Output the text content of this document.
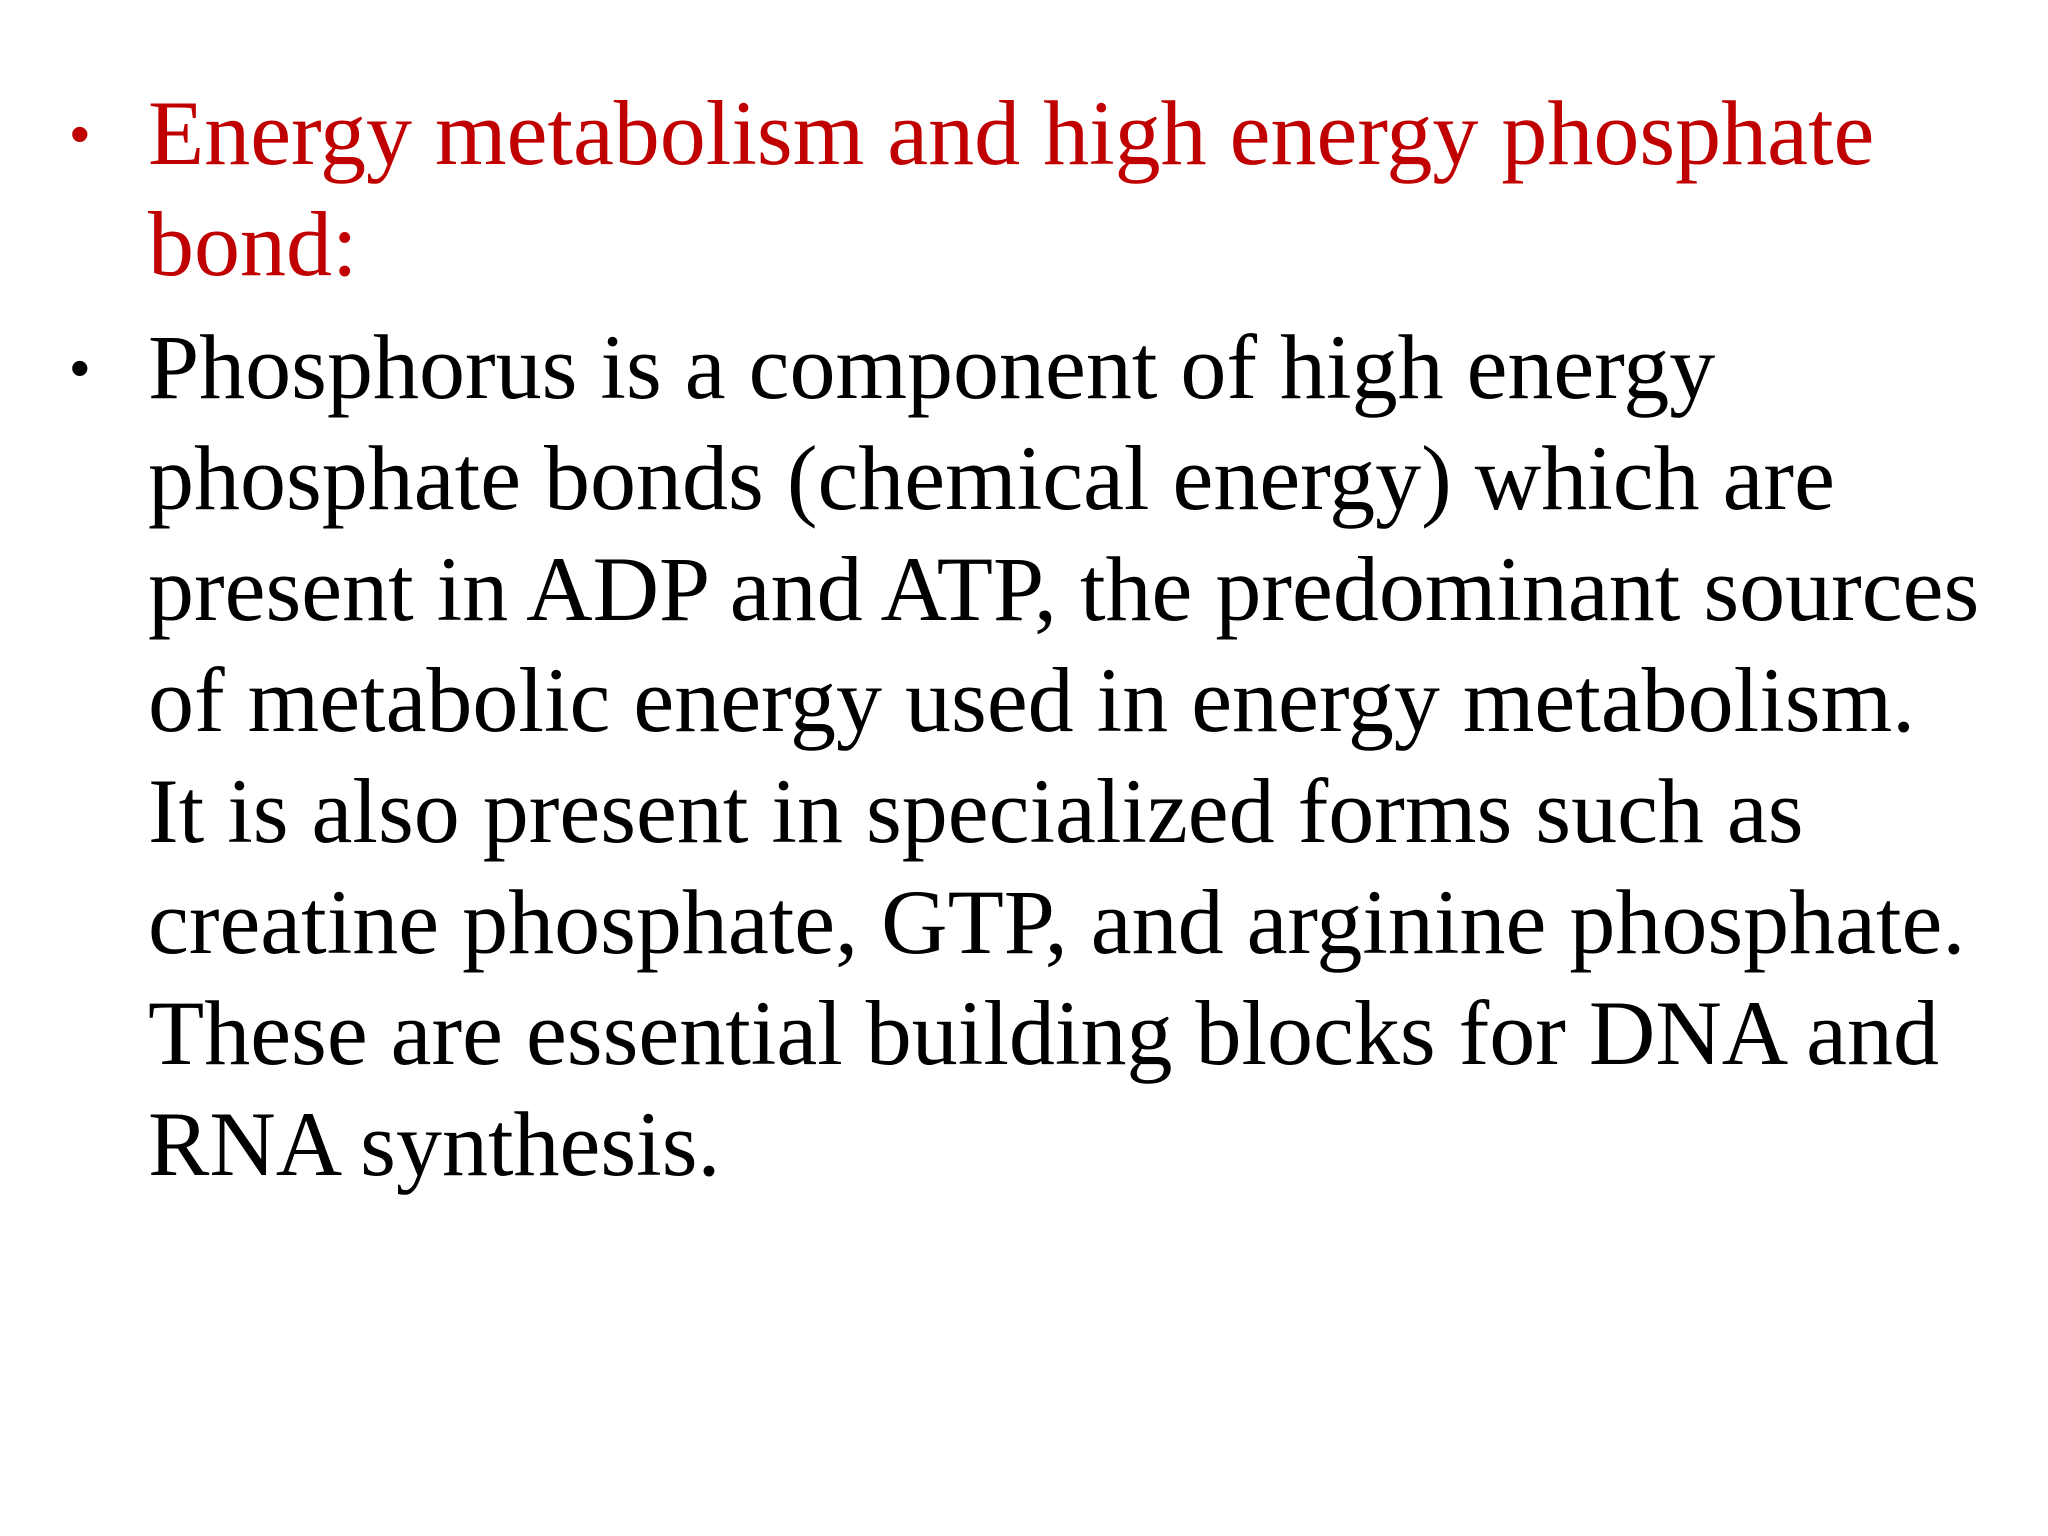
• Energy metabolism and high energy phosphate bond:
• Phosphorus is a component of high energy phosphate bonds (chemical energy) which are present in ADP and ATP, the predominant sources of metabolic energy used in energy metabolism. It is also present in specialized forms such as creatine phosphate, GTP, and arginine phosphate. These are essential building blocks for DNA and RNA synthesis.
